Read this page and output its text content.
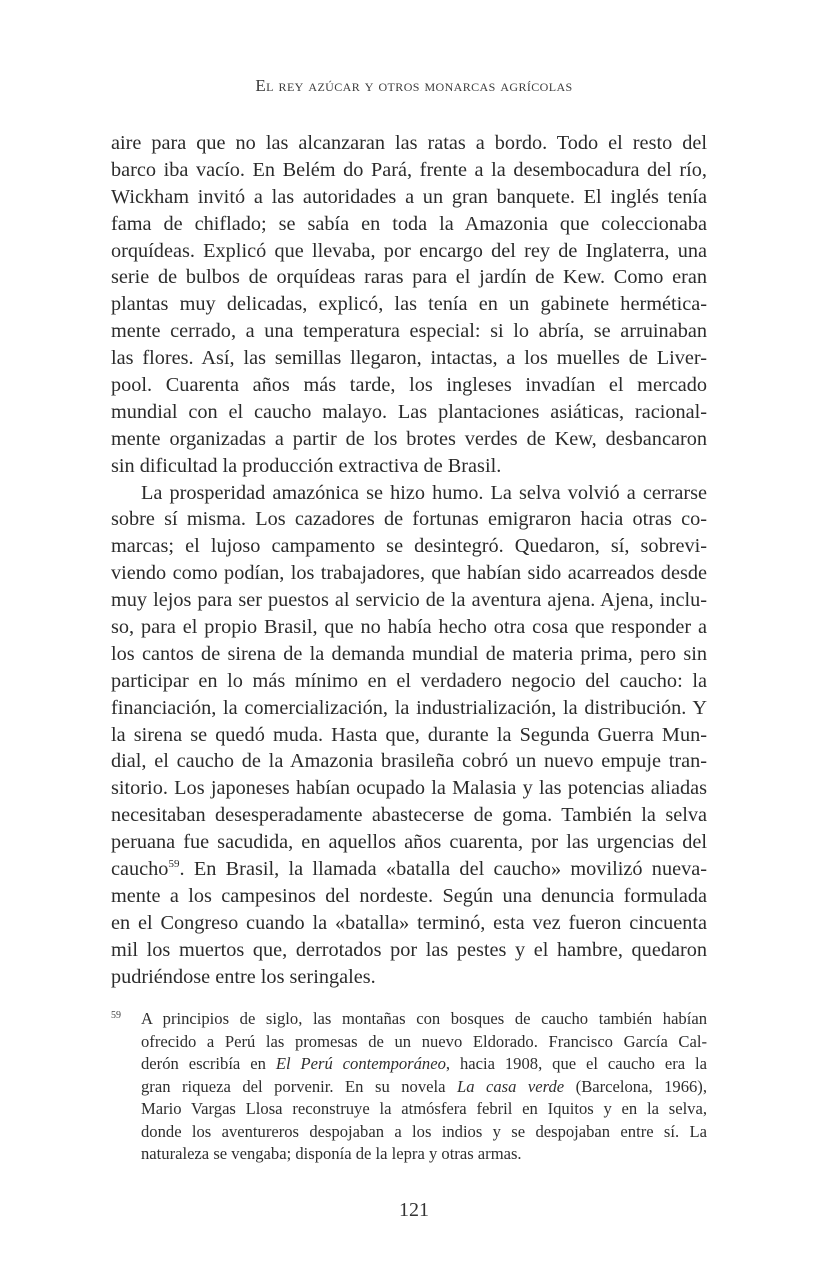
El rey azúcar y otros monarcas agrícolas
aire para que no las alcanzaran las ratas a bordo. Todo el resto del
barco iba vacío. En Belém do Pará, frente a la desembocadura del río,
Wickham invitó a las autoridades a un gran banquete. El inglés tenía
fama de chiflado; se sabía en toda la Amazonia que coleccionaba
orquídeas. Explicó que llevaba, por encargo del rey de Inglaterra, una
serie de bulbos de orquídeas raras para el jardín de Kew. Como eran
plantas muy delicadas, explicó, las tenía en un gabinete hermética-
mente cerrado, a una temperatura especial: si lo abría, se arruinaban
las flores. Así, las semillas llegaron, intactas, a los muelles de Liver-
pool. Cuarenta años más tarde, los ingleses invadían el mercado
mundial con el caucho malayo. Las plantaciones asiáticas, racional-
mente organizadas a partir de los brotes verdes de Kew, desbancaron
sin dificultad la producción extractiva de Brasil.
La prosperidad amazónica se hizo humo. La selva volvió a cerrarse
sobre sí misma. Los cazadores de fortunas emigraron hacia otras co-
marcas; el lujoso campamento se desintegró. Quedaron, sí, sobrevi-
viendo como podían, los trabajadores, que habían sido acarreados desde
muy lejos para ser puestos al servicio de la aventura ajena. Ajena, inclu-
so, para el propio Brasil, que no había hecho otra cosa que responder a
los cantos de sirena de la demanda mundial de materia prima, pero sin
participar en lo más mínimo en el verdadero negocio del caucho: la
financiación, la comercialización, la industrialización, la distribución. Y
la sirena se quedó muda. Hasta que, durante la Segunda Guerra Mun-
dial, el caucho de la Amazonia brasileña cobró un nuevo empuje tran-
sitorio. Los japoneses habían ocupado la Malasia y las potencias aliadas
necesitaban desesperadamente abastecerse de goma. También la selva
peruana fue sacudida, en aquellos años cuarenta, por las urgencias del
caucho$^{59}$. En Brasil, la llamada «batalla del caucho» movilizó nueva-
mente a los campesinos del nordeste. Según una denuncia formulada
en el Congreso cuando la «batalla» terminó, esta vez fueron cincuenta
mil los muertos que, derrotados por las pestes y el hambre, quedaron
pudriéndose entre los seringales.
59 A principios de siglo, las montañas con bosques de caucho también habían
ofrecido a Perú las promesas de un nuevo Eldorado. Francisco García Cal-
derón escribía en El Perú contemporáneo, hacia 1908, que el caucho era la
gran riqueza del porvenir. En su novela La casa verde (Barcelona, 1966),
Mario Vargas Llosa reconstruye la atmósfera febril en Iquitos y en la selva,
donde los aventureros despojaban a los indios y se despojaban entre sí. La
naturaleza se vengaba; disponía de la lepra y otras armas.
121
